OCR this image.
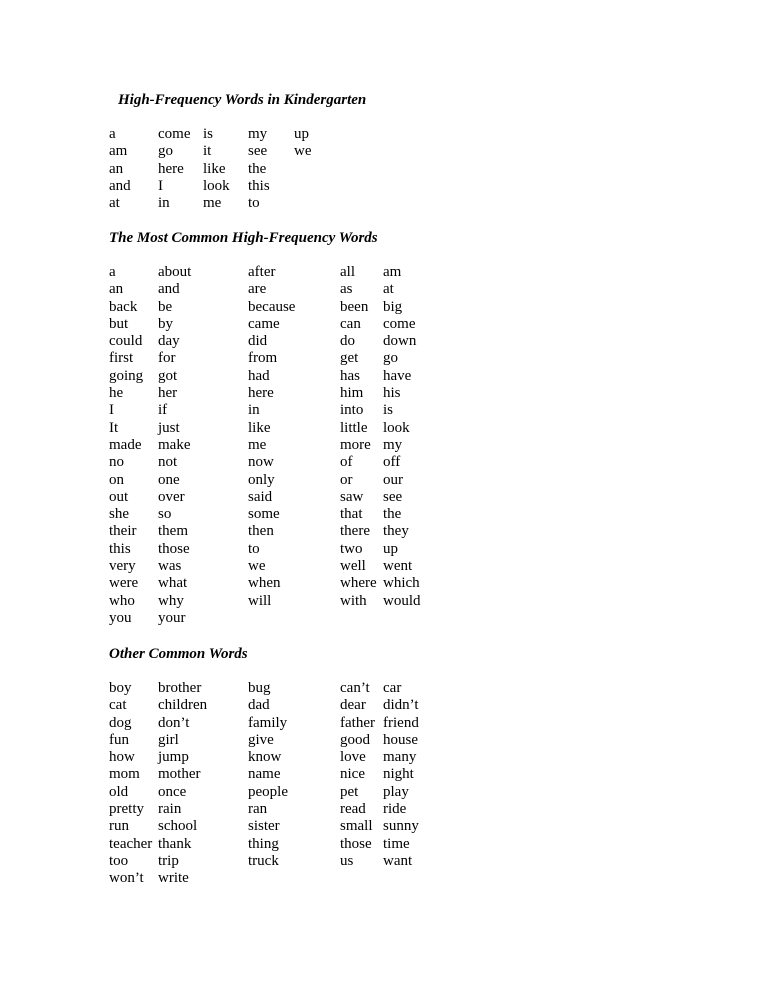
High-Frequency Words in Kindergarten
a
am
an
and
at
come
go
here
I
in
is
it
like
look
me
my
see
the
this
to
up
we
The Most Common High-Frequency Words
a
an
back
but
could
first
going
he
I
It
made
no
on
out
she
their
this
very
were
who
you
about
and
be
by
day
for
got
her
if
just
make
not
one
over
so
them
those
was
what
why
your
after
are
because
came
did
from
had
here
in
like
me
now
only
said
some
then
to
we
when
will
all
as
been
can
do
get
has
him
into
little
more
of
or
saw
that
there
two
well
where
with
am
at
big
come
down
go
have
his
is
look
my
off
our
see
the
they
up
went
which
would
Other Common Words
boy
cat
dog
fun
how
mom
old
pretty
run
teacher
too
won’t
brother
children
don’t
girl
jump
mother
once
rain
school
thank
trip
write
bug
dad
family
give
know
name
people
ran
sister
thing
truck
can’t
dear
father
good
love
nice
pet
read
small
those
us
car
didn’t
friend
house
many
night
play
ride
sunny
time
want
